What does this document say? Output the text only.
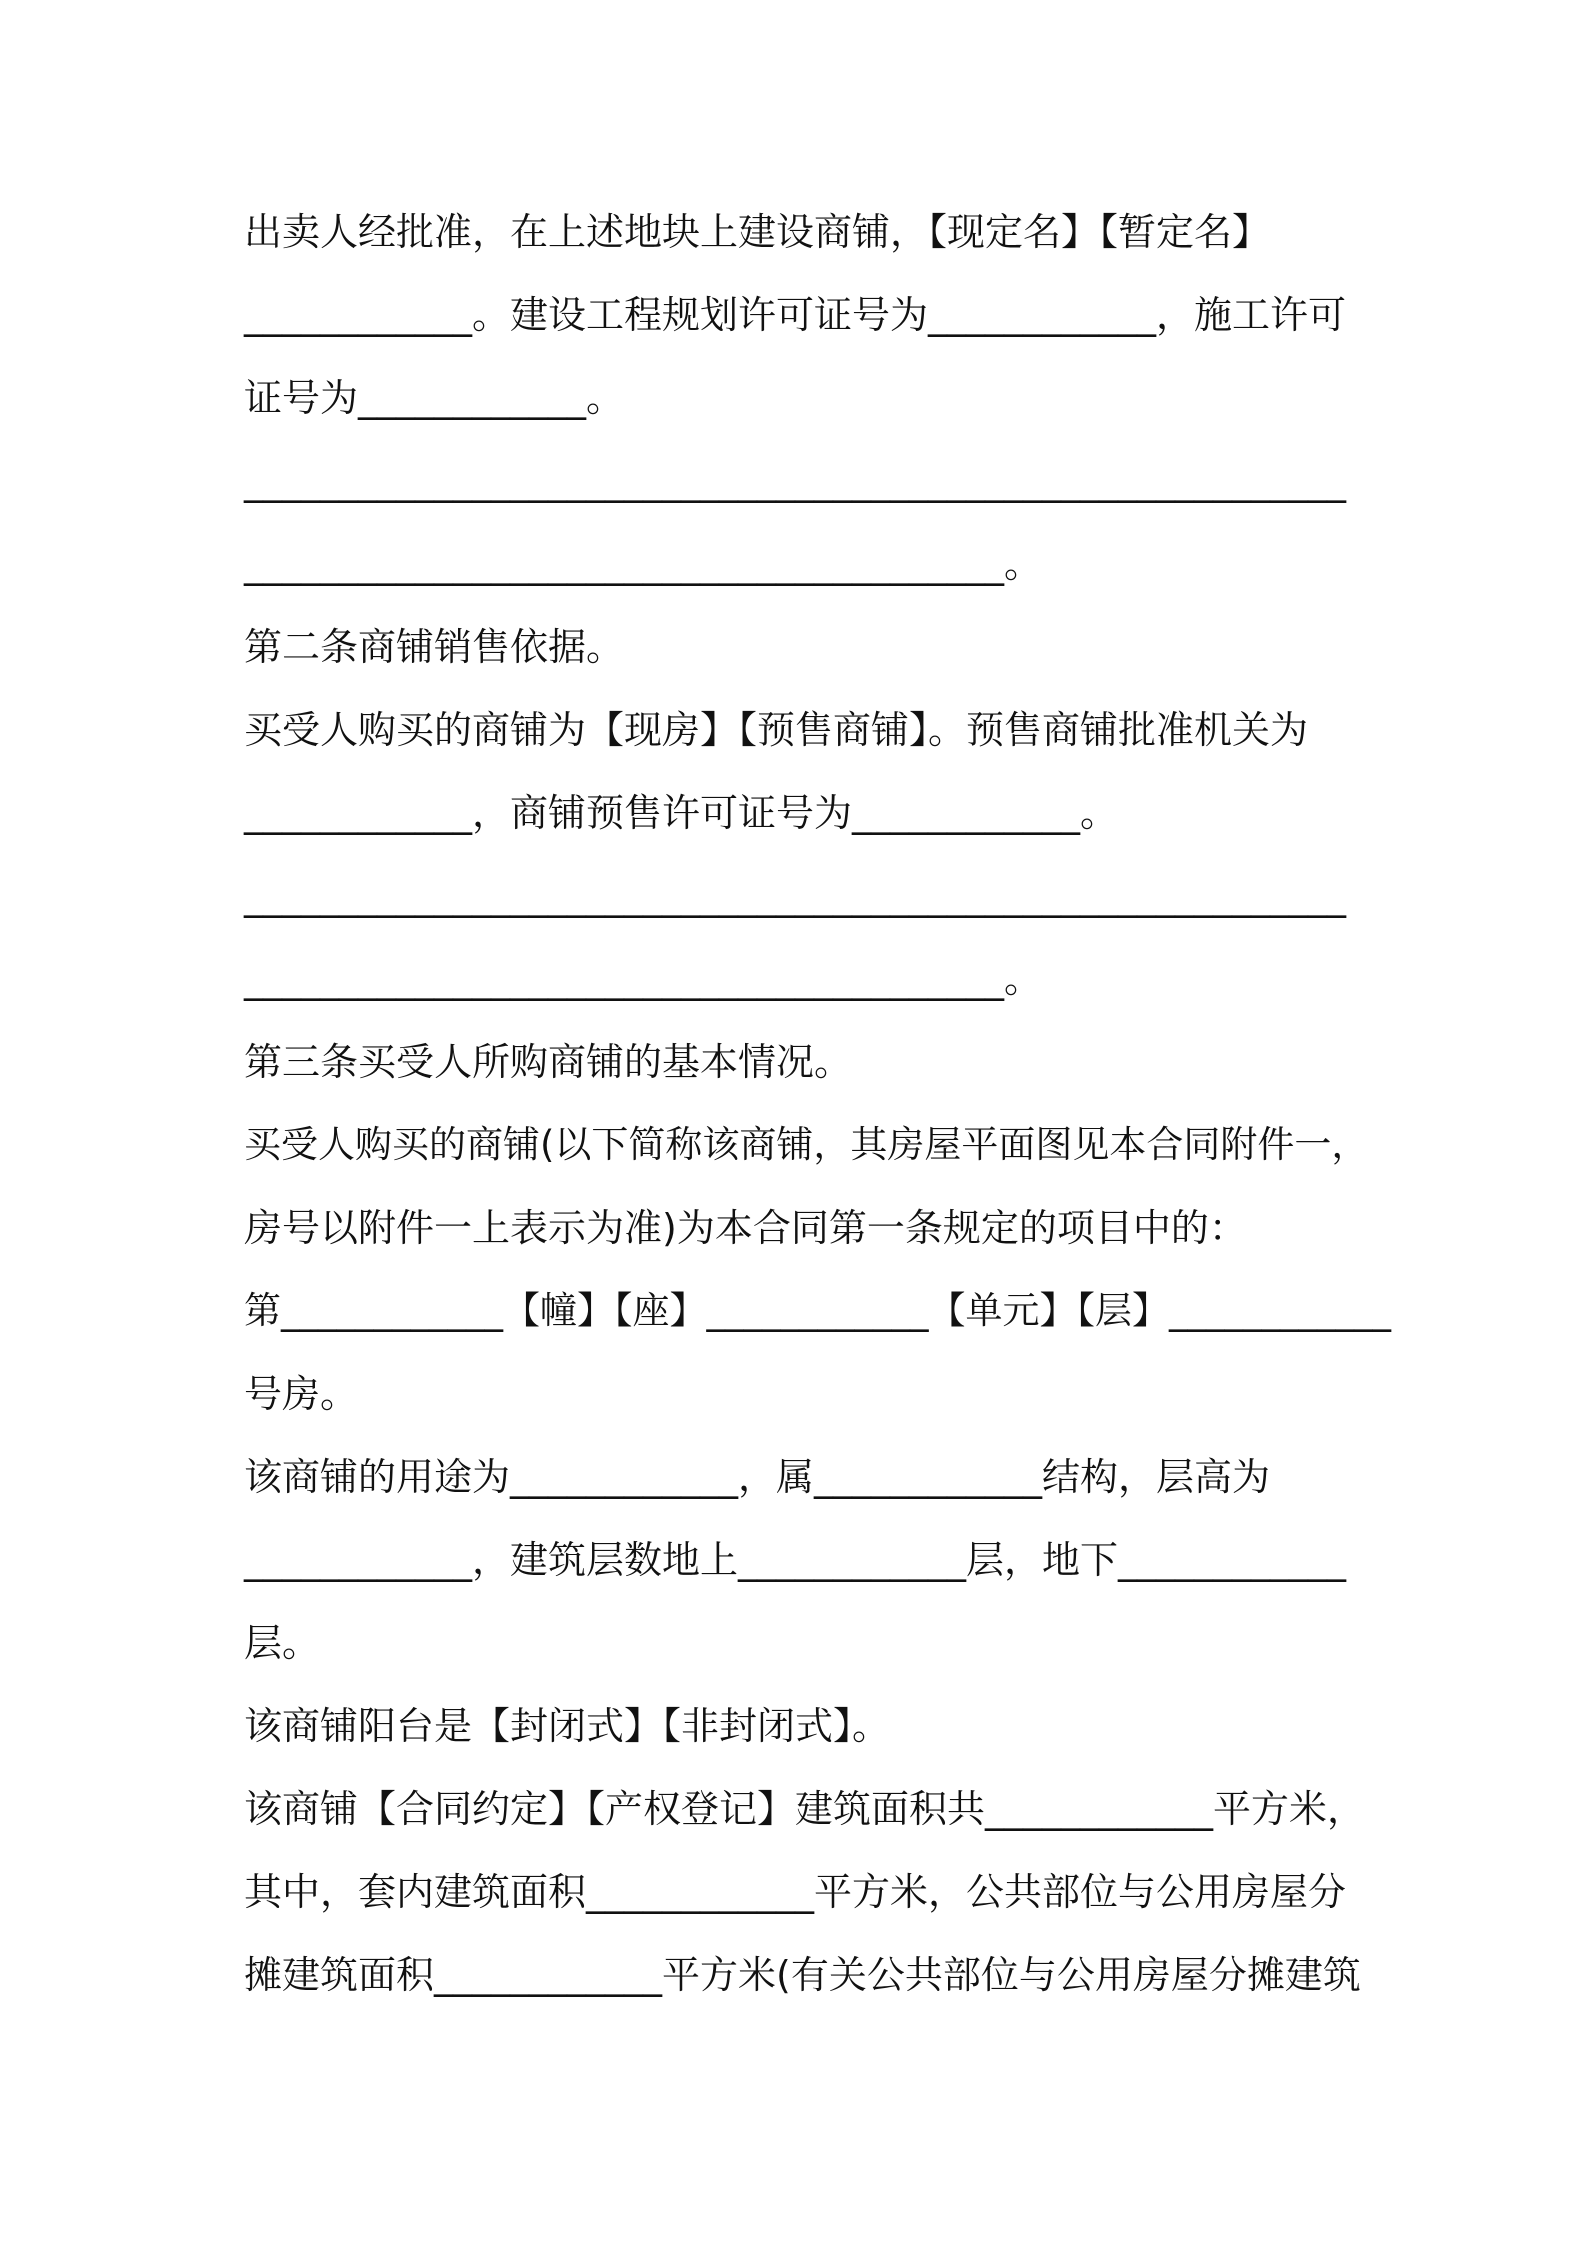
出卖人经批准，在上述地块上建设商铺，【现定名】【暂定名】

____________。建设工程规划许可证号为____________，施工许可

证号为____________。

__________________________________________________________

________________________________________。

第二条商铺销售依据。

买受人购买的商铺为【现房】【预售商铺】。预售商铺批准机关为

____________，商铺预售许可证号为____________。

__________________________________________________________

________________________________________。

第三条买受人所购商铺的基本情况。

买受人购买的商铺(以下简称该商铺，其房屋平面图见本合同附件一，

房号以附件一上表示为准)为本合同第一条规定的项目中的：

第____________【幢】【座】____________【单元】【层】____________

号房。

该商铺的用途为____________，属____________结构，层高为

____________，建筑层数地上____________层，地下____________

层。

该商铺阳台是【封闭式】【非封闭式】。

该商铺【合同约定】【产权登记】建筑面积共____________平方米，

其中，套内建筑面积____________平方米，公共部位与公用房屋分

摊建筑面积____________平方米(有关公共部位与公用房屋分摊建筑
